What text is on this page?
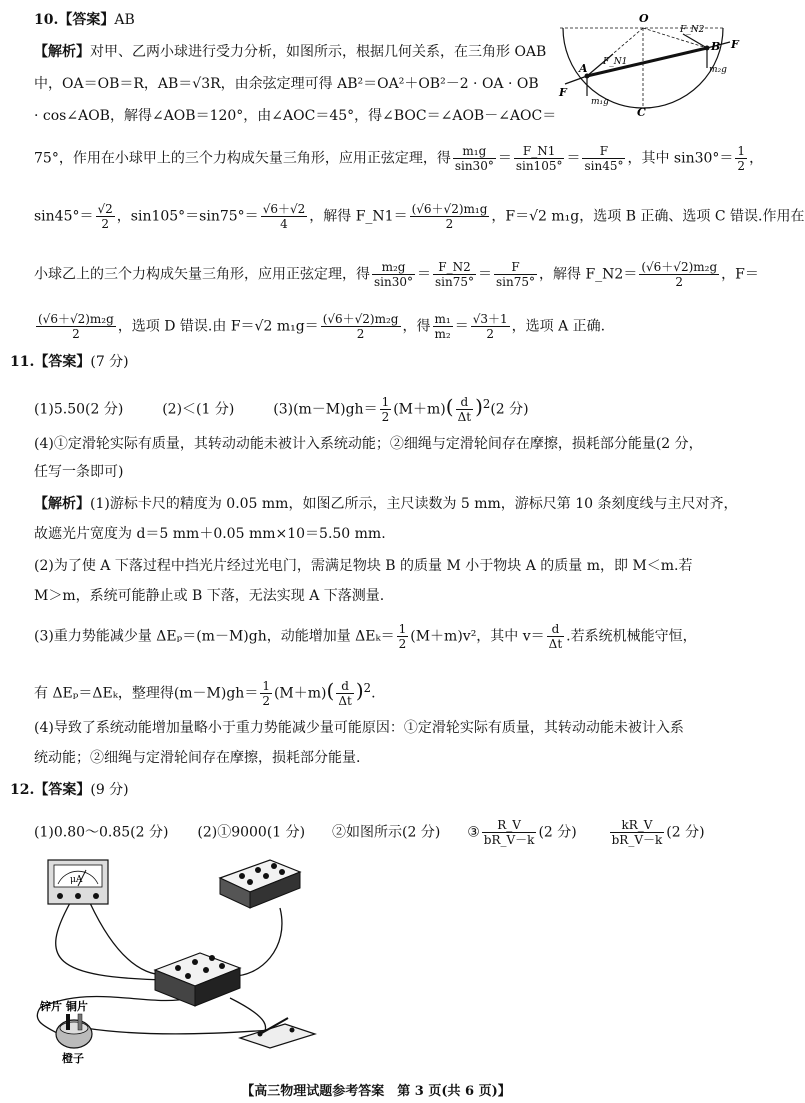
10.【答案】AB
【解析】对甲、乙两小球进行受力分析，如图所示，根据几何关系，在三角形 OAB
中，OA＝OB＝R，AB＝√3R，由余弦定理可得 AB²＝OA²＋OB²－2 · OA · OB
· cos∠AOB，解得∠AOB＝120°，由∠AOC＝45°，得∠BOC＝∠AOB－∠AOC＝
O
A
B
C
F
F
F_N1
F_N2
m₁g
m₂g
75°，作用在小球甲上的三个力构成矢量三角形，应用正弦定理，得 $\frac{\text{m₁g}}{\sin 30^\circ} = \frac{F\_N1}{\sin 105^\circ} = \frac{F}{\sin 45^\circ}$ ，其中 $\sin 30^\circ= \frac{1}{2}$ ，
$\sin 45^\circ= \frac{√2}{2}$ ，$\sin 105^\circ=\sin 75^\circ= \frac{√6+√2}{4}$ ，解得 F_N1＝ $\frac{\text{(√6＋√2)m₁g}}{2}$ ，F＝√2 m₁g，选项 B 正确、选项 C 错误.作用在
小球乙上的三个力构成矢量三角形，应用正弦定理，得 $\frac{\text{m₂g}}{\sin 30^\circ} = \frac{F\_N2}{\sin 75^\circ} = \frac{F}{\sin 75^\circ}$ ，解得 F_N2＝ $\frac{\text{(√6＋√2)m₂g}}{2}$ ，F＝
$\frac{\text{(√6＋√2)m₂g}}{2}$ ，选项 D 错误.由 F＝√2 $m_1g= \frac{\text{(√6＋√2)m₂g}}{2}$ ，得 $\frac{\text{m₁}}{\text{m₂}} = \frac{√3+1}{2}$ ，选项 A 正确.
11.【答案】(7 分)
(1)5.50(2 分)	(2)＜(1 分)	$(3)(m-M)gh= \frac{1}{2} (M+m)( \frac{d}{\Delta t} )^2(2$ 分)
(4)①定滑轮实际有质量，其转动动能未被计入系统动能；②细绳与定滑轮间存在摩擦，损耗部分能量(2 分，
任写一条即可)
【解析】(1)游标卡尺的精度为 0.05 mm，如图乙所示，主尺读数为 5 mm，游标尺第 10 条刻度线与主尺对齐，
故遮光片宽度为 d＝5 mm＋0.05 mm×10＝5.50 mm.
(2)为了使 A 下落过程中挡光片经过光电门，需满足物块 B 的质量 M 小于物块 A 的质量 m，即 M＜m.若
M＞m，系统可能静止或 B 下落，无法实现 A 下落测量.
(3)重力势能减少量 ΔEₚ＝(m－M)gh，动能增加量 $\Delta E_k= \frac{1}{2} (M+m)v^2$，其中 $v= \frac{d}{\Delta t}$ .若系统机械能守恒，
有 ΔEₚ＝ΔEₖ，整理得$(m-M)gh= \frac{1}{2} (M+m)( \frac{d}{\Delta t} )^2$.
(4)导致了系统动能增加量略小于重力势能减少量可能原因：①定滑轮实际有质量，其转动动能未被计入系
统动能；②细绳与定滑轮间存在摩擦，损耗部分能量.
12.【答案】(9 分)
(1)0.80～0.85(2 分) (2)①9000(1 分) ②如图所示(2 分) ③ $\frac{R\_V}{bR\_V-k} (2$ 分)	$\frac{kR\_V}{bR\_V-k} (2$ 分)
μA
锌片 铜片
橙子
【高三物理试题参考答案　第 3 页(共 6 页)】
